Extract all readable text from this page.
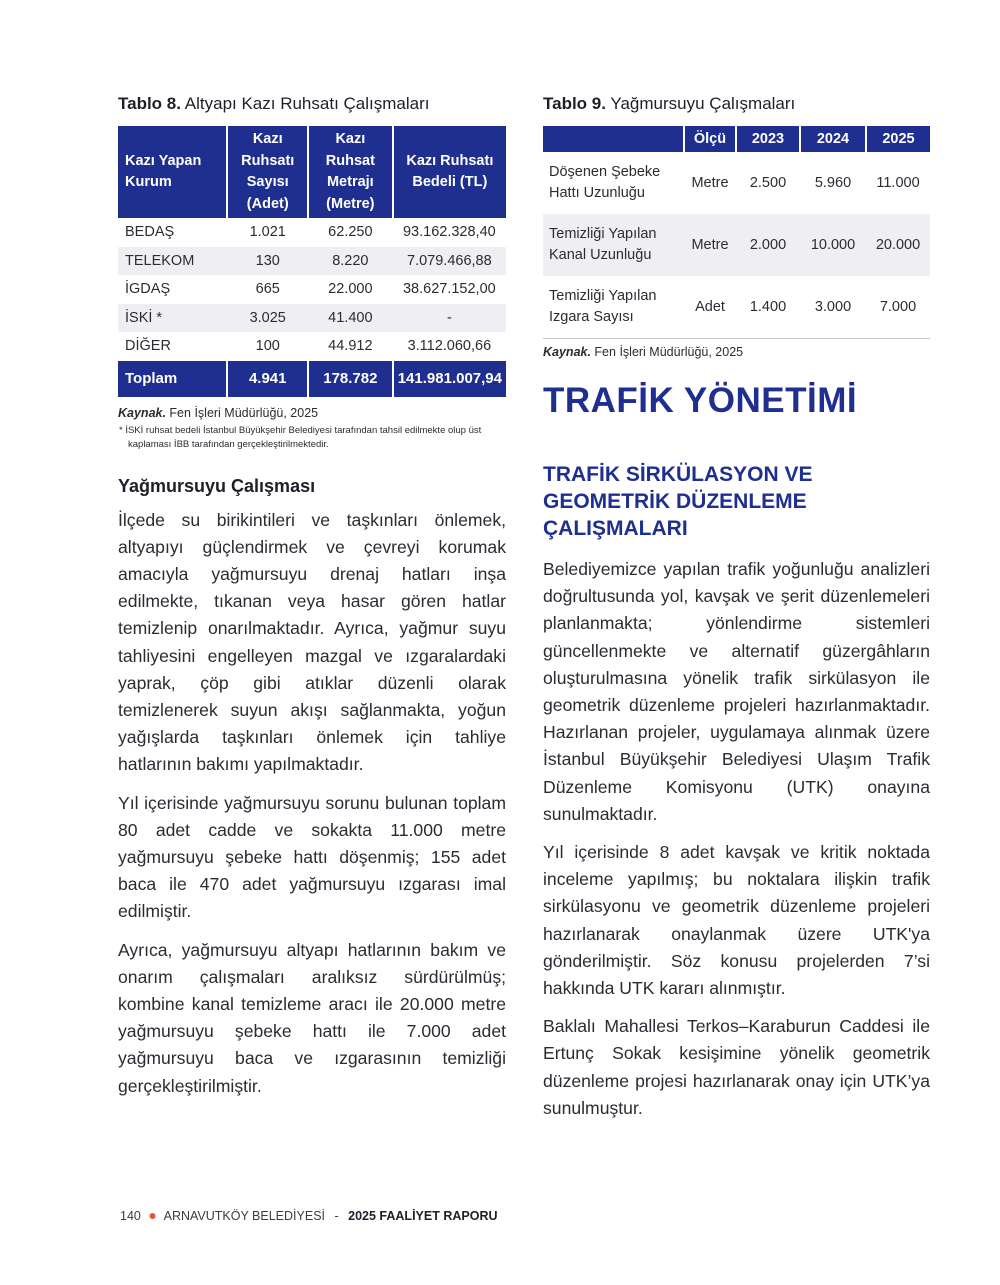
Tablo 8. Altyapı Kazı Ruhsatı Çalışmaları
Kazı Yapan Kurum	Kazı Ruhsatı Sayısı (Adet)	Kazı Ruhsat Metrajı (Metre)	Kazı Ruhsatı Bedeli (TL)
BEDAŞ	1.021	62.250	93.162.328,40
TELEKOM	130	8.220	7.079.466,88
İGDAŞ	665	22.000	38.627.152,00
İSKİ *	3.025	41.400	-
DİĞER	100	44.912	3.112.060,66
Toplam	4.941	178.782	141.981.007,94
Kaynak. Fen İşleri Müdürlüğü, 2025
* İSKİ ruhsat bedeli İstanbul Büyükşehir Belediyesi tarafından tahsil edilmekte olup üst kaplaması İBB tarafından gerçekleştirilmektedir.
Yağmursuyu Çalışması

İlçede su birikintileri ve taşkınları önlemek, altyapıyı güçlendirmek ve çevreyi korumak amacıyla yağmursuyu drenaj hatları inşa edilmekte, tıkanan veya hasar gören hatlar temizlenip onarılmaktadır. Ayrıca, yağmur suyu tahliyesini engelleyen mazgal ve ızgaralardaki yaprak, çöp gibi atıklar düzenli olarak temizlenerek suyun akışı sağlanmakta, yoğun yağışlarda taşkınları önlemek için tahliye hatlarının bakımı yapılmaktadır.

Yıl içerisinde yağmursuyu sorunu bulunan toplam 80 adet cadde ve sokakta 11.000 metre yağmursuyu şebeke hattı döşenmiş; 155 adet baca ile 470 adet yağmursuyu ızgarası imal edilmiştir.

Ayrıca, yağmursuyu altyapı hatlarının bakım ve onarım çalışmaları aralıksız sürdürülmüş; kombine kanal temizleme aracı ile 20.000 metre yağmursuyu şebeke hattı ile 7.000 adet yağmursuyu baca ve ızgarasının temizliği gerçekleştirilmiştir.

Tablo 9. Yağmursuyu Çalışmaları
	Ölçü	2023	2024	2025
Döşenen Şebeke Hattı Uzunluğu	Metre	2.500	5.960	11.000
Temizliği Yapılan Kanal Uzunluğu	Metre	2.000	10.000	20.000
Temizliği Yapılan Izgara Sayısı	Adet	1.400	3.000	7.000
Kaynak. Fen İşleri Müdürlüğü, 2025
TRAFİK YÖNETİMİ
TRAFİK SİRKÜLASYON VE GEOMETRİK DÜZENLEME ÇALIŞMALARI

Belediyemizce yapılan trafik yoğunluğu analizleri doğrultusunda yol, kavşak ve şerit düzenlemeleri planlanmakta; yönlendirme sistemleri güncellenmekte ve alternatif güzergâhların oluşturulmasına yönelik trafik sirkülasyon ile geometrik düzenleme projeleri hazırlanmaktadır. Hazırlanan projeler, uygulamaya alınmak üzere İstanbul Büyükşehir Belediyesi Ulaşım Trafik Düzenleme Komisyonu (UTK) onayına sunulmaktadır.

Yıl içerisinde 8 adet kavşak ve kritik noktada inceleme yapılmış; bu noktalara ilişkin trafik sirkülasyonu ve geometrik düzenleme projeleri hazırlanarak onaylanmak üzere UTK'ya gönderilmiştir. Söz konusu projelerden 7’si hakkında UTK kararı alınmıştır.

Baklalı Mahallesi Terkos–Karaburun Caddesi ile Ertunç Sokak kesişimine yönelik geometrik düzenleme projesi hazırlanarak onay için UTK’ya sunulmuştur.

140 ● ARNAVUTKÖY BELEDİYESİ - 2025 FAALİYET RAPORU
